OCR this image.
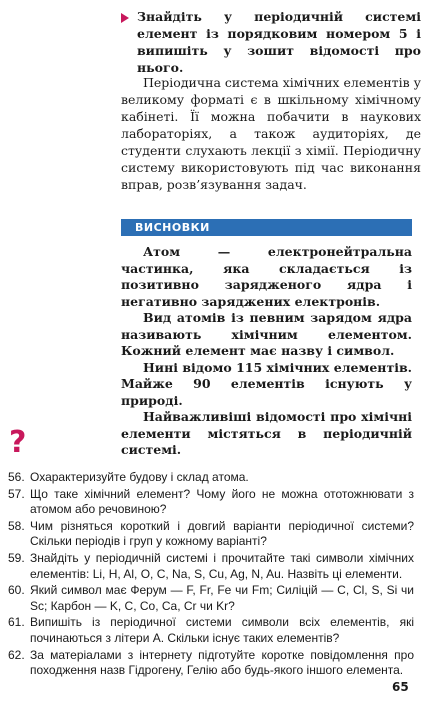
Знайдіть у періодичній системі елемент із порядковим номером 5 і випишіть у зошит відомості про нього.

Періодична система хімічних елементів у великому форматі є в шкільному хімічному кабінеті. Її можна побачити в наукових лабораторіях, а також аудиторіях, де студенти слухають лекції з хімії. Періодичну систему використовують під час виконання вправ, розв’язування задач.

ВИСНОВКИ

Атом — електронейтральна частинка, яка складається із позитивно зарядженого ядра і негативно заряджених електронів.

Вид атомів із певним зарядом ядра називають хімічним елементом. Кожний елемент має назву і символ.

Нині відомо 115 хімічних елементів. Майже 90 елементів існують у природі.

Найважливіші відомості про хімічні елементи містяться в періодичній системі.

?
56. Охарактеризуйте будову і склад атома.
57. Що таке хімічний елемент? Чому його не можна ототожнювати з атомом або речовиною?
58. Чим різняться короткий і довгий варіанти періодичної системи? Скільки періодів і груп у кожному варіанті?
59. Знайдіть у періодичній системі і прочитайте такі символи хімічних елементів: Li, H, Al, O, C, Na, S, Cu, Ag, N, Au. Назвіть ці елементи.
60. Який символ має Ферум — F, Fr, Fe чи Fm; Силіцій — C, Cl, S, Si чи Sc; Карбон — K, C, Co, Ca, Cr чи Kr?
61. Випишіть із періодичної системи символи всіх елементів, які починаються з літери А. Скільки існує таких елементів?
62. За матеріалами з інтернету підготуйте коротке повідомлення про походження назв Гідрогену, Гелію або будь-якого іншого елемента.
65
